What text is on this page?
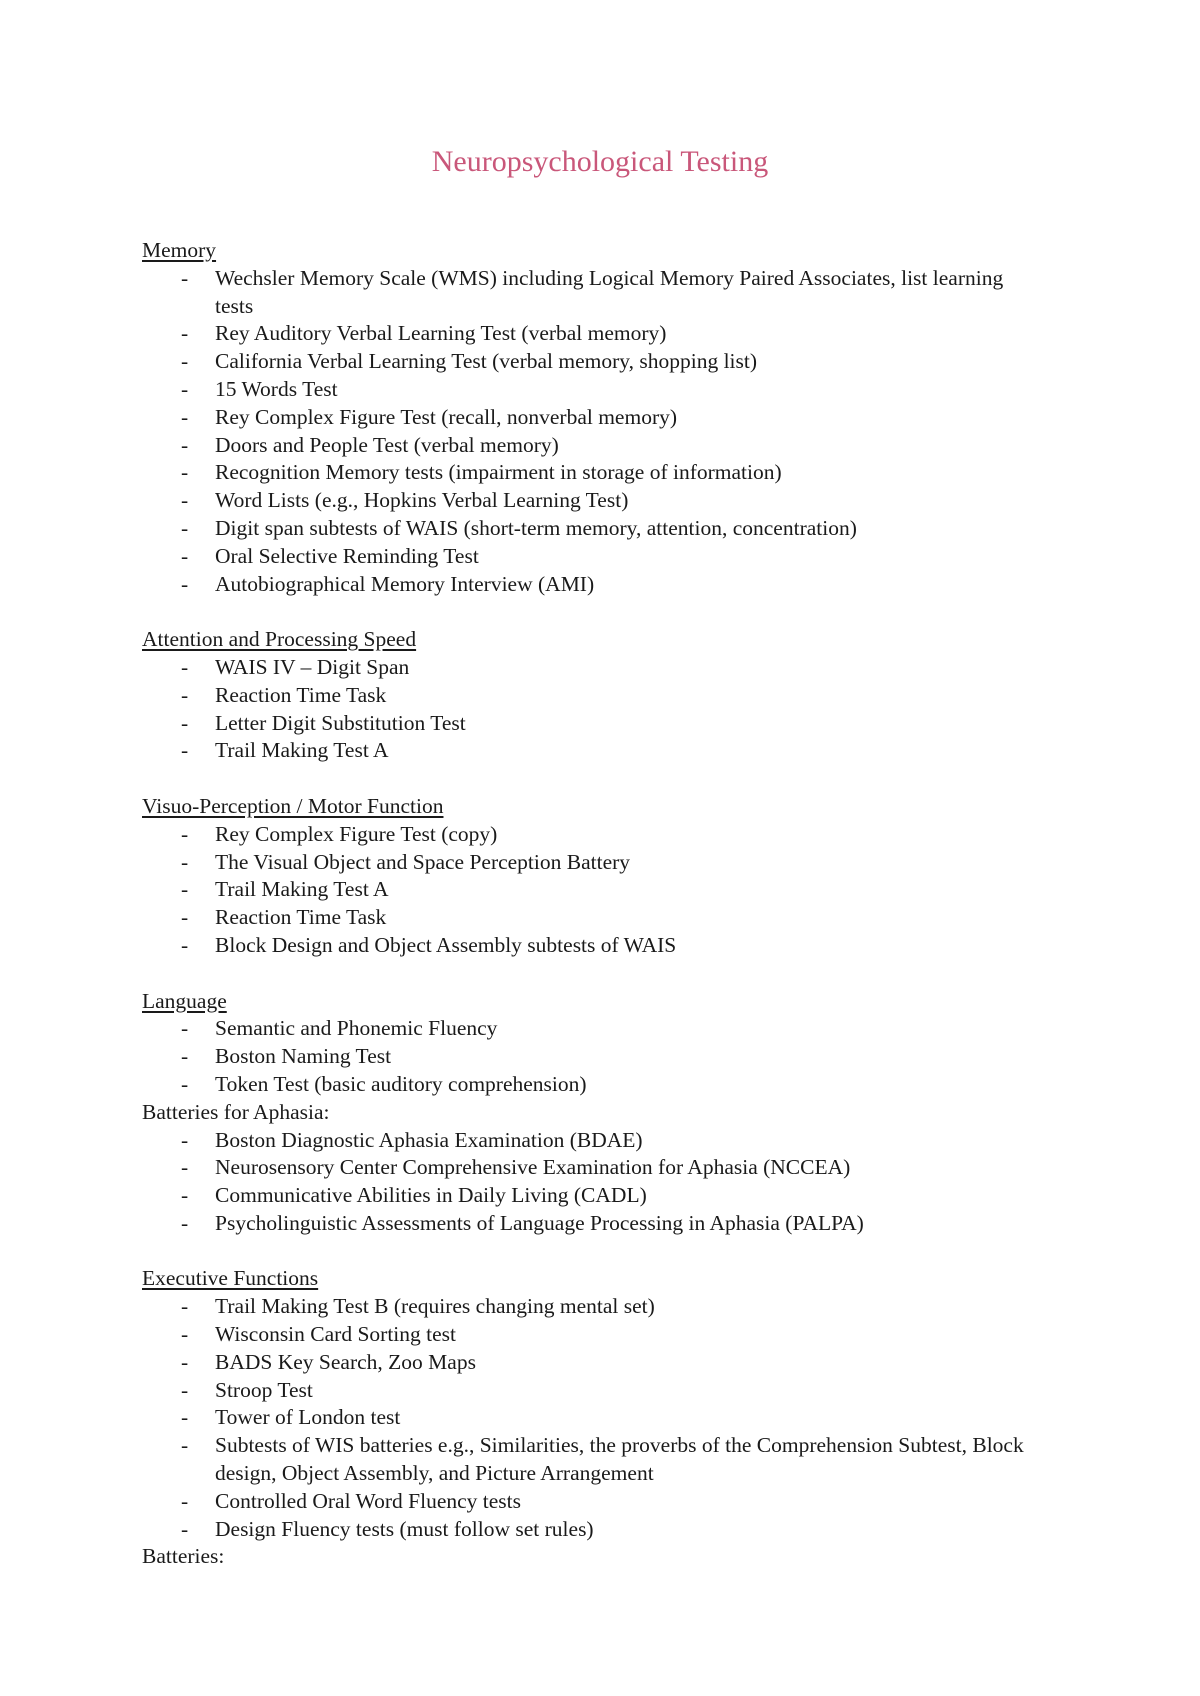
Neuropsychological Testing
Memory
- Wechsler Memory Scale (WMS) including Logical Memory Paired Associates, list learning tests
- Rey Auditory Verbal Learning Test (verbal memory)
- California Verbal Learning Test (verbal memory, shopping list)
- 15 Words Test
- Rey Complex Figure Test (recall, nonverbal memory)
- Doors and People Test (verbal memory)
- Recognition Memory tests (impairment in storage of information)
- Word Lists (e.g., Hopkins Verbal Learning Test)
- Digit span subtests of WAIS (short-term memory, attention, concentration)
- Oral Selective Reminding Test
- Autobiographical Memory Interview (AMI)
Attention and Processing Speed
- WAIS IV – Digit Span
- Reaction Time Task
- Letter Digit Substitution Test
- Trail Making Test A
Visuo-Perception / Motor Function
- Rey Complex Figure Test (copy)
- The Visual Object and Space Perception Battery
- Trail Making Test A
- Reaction Time Task
- Block Design and Object Assembly subtests of WAIS
Language
- Semantic and Phonemic Fluency
- Boston Naming Test
- Token Test (basic auditory comprehension)
Batteries for Aphasia:
- Boston Diagnostic Aphasia Examination (BDAE)
- Neurosensory Center Comprehensive Examination for Aphasia (NCCEA)
- Communicative Abilities in Daily Living (CADL)
- Psycholinguistic Assessments of Language Processing in Aphasia (PALPA)
Executive Functions
- Trail Making Test B (requires changing mental set)
- Wisconsin Card Sorting test
- BADS Key Search, Zoo Maps
- Stroop Test
- Tower of London test
- Subtests of WIS batteries e.g., Similarities, the proverbs of the Comprehension Subtest, Block design, Object Assembly, and Picture Arrangement
- Controlled Oral Word Fluency tests
- Design Fluency tests (must follow set rules)
Batteries:
